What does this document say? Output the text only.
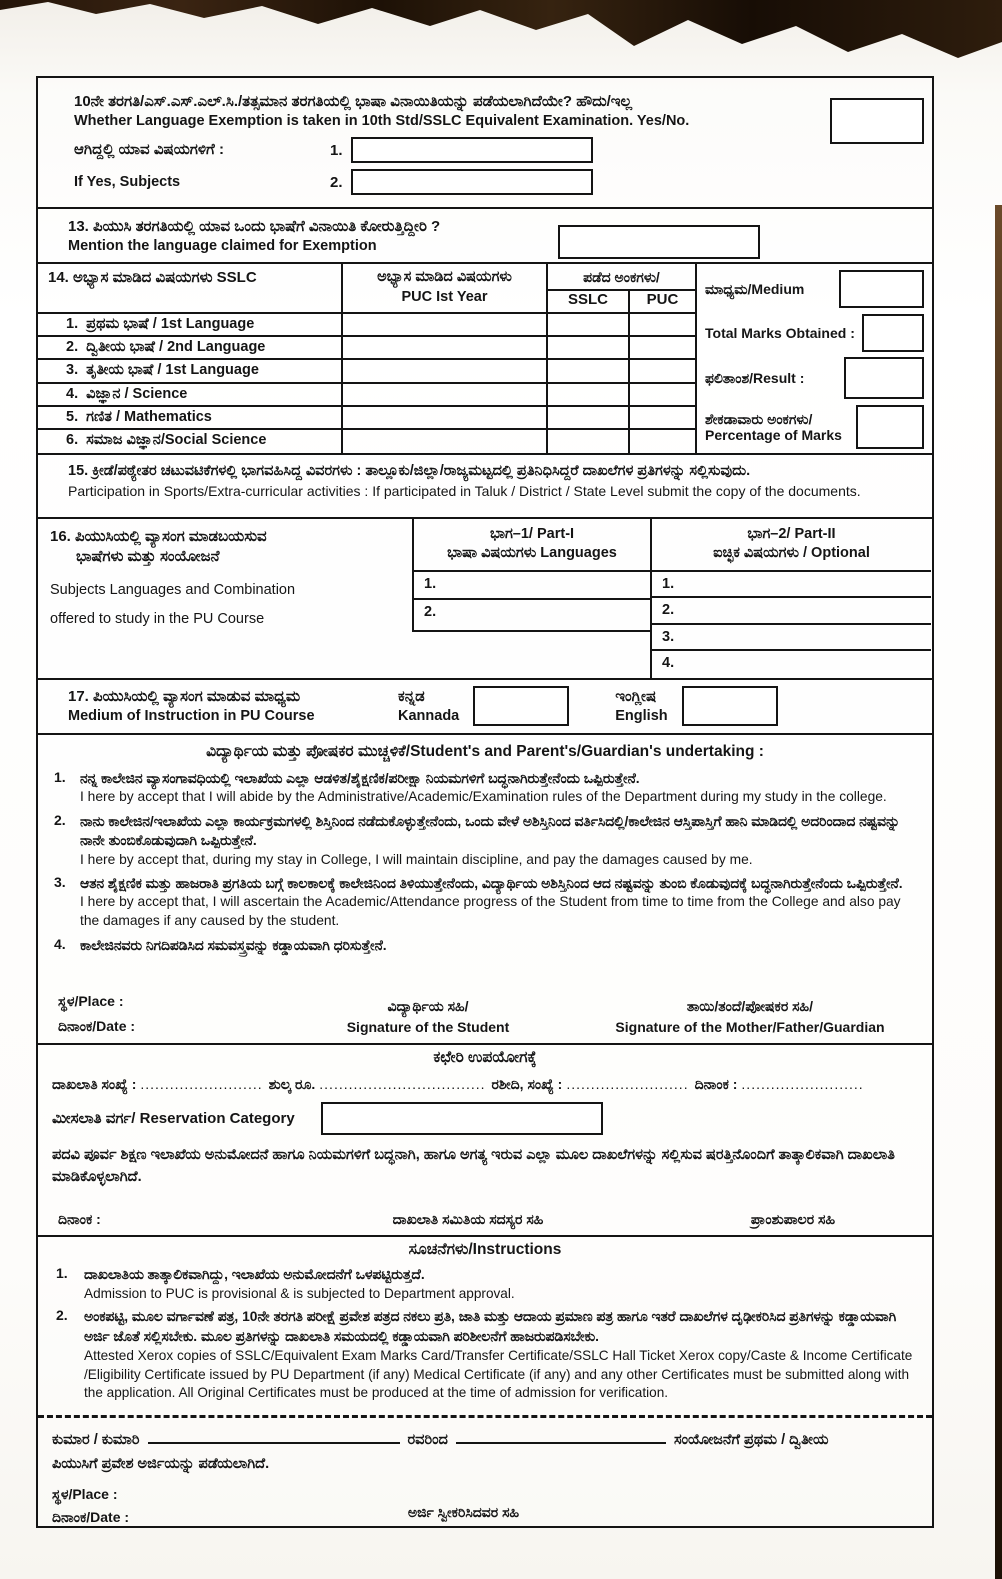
10ನೇ ತರಗತಿ/ಎಸ್.ಎಸ್.ಎಲ್.ಸಿ./ತತ್ಸಮಾನ ತರಗತಿಯಲ್ಲಿ ಭಾಷಾ ವಿನಾಯಿತಿಯನ್ನು ಪಡೆಯಲಾಗಿದೆಯೇ? ಹೌದು/ಇಲ್ಲ
Whether Language Exemption is taken in 10th Std/SSLC Equivalent Examination. Yes/No.
ಆಗಿದ್ದಲ್ಲಿ ಯಾವ ವಿಷಯಗಳಿಗೆ :	1.
If Yes, Subjects	2.
13. ಪಿಯುಸಿ ತರಗತಿಯಲ್ಲಿ ಯಾವ ಒಂದು ಭಾಷೆಗೆ ವಿನಾಯಿತಿ ಕೋರುತ್ತಿದ್ದೀರಿ ?
Mention the language claimed for Exemption
14. ಅಭ್ಯಾಸ ಮಾಡಿದ ವಿಷಯಗಳು SSLC	ಅಭ್ಯಾಸ ಮಾಡಿದ ವಿಷಯಗಳು
PUC Ist Year
ಪಡೆದ ಅಂಕಗಳು/
SSLC	PUC
ಮಾಧ್ಯಮ/Medium
Total Marks Obtained :
ಫಲಿತಾಂಶ/Result :
ಶೇಕಡಾವಾರು ಅಂಕಗಳು/
Percentage of Marks
1. ಪ್ರಥಮ ಭಾಷೆ / 1st Language
2. ದ್ವಿತೀಯ ಭಾಷೆ / 2nd Language
3. ತೃತೀಯ ಭಾಷೆ / 1st Language
4. ವಿಜ್ಞಾನ / Science
5. ಗಣಿತ / Mathematics
6. ಸಮಾಜ ವಿಜ್ಞಾನ/Social Science
15. ಕ್ರೀಡೆ/ಪಠ್ಯೇತರ ಚಟುವಟಿಕೆಗಳಲ್ಲಿ ಭಾಗವಹಿಸಿದ್ದ ವಿವರಗಳು : ತಾಲ್ಲೂಕು/ಜಿಲ್ಲಾ/ರಾಜ್ಯಮಟ್ಟದಲ್ಲಿ ಪ್ರತಿನಿಧಿಸಿದ್ದರೆ ದಾಖಲೆಗಳ ಪ್ರತಿಗಳನ್ನು ಸಲ್ಲಿಸುವುದು.
Participation in Sports/Extra-curricular activities : If participated in Taluk / District / State Level submit the copy of the documents.
16. ಪಿಯುಸಿಯಲ್ಲಿ ವ್ಯಾಸಂಗ ಮಾಡಬಯಸುವ
ಭಾಷೆಗಳು ಮತ್ತು ಸಂಯೋಜನೆ
Subjects Languages and Combination
offered to study in the PU Course
ಭಾಗ–1/ Part-I
ಭಾಷಾ ವಿಷಯಗಳು Languages
1.
2.
ಭಾಗ–2/ Part-II
ಐಚ್ಛಿಕ ವಿಷಯಗಳು / Optional
1.
2.
3.
4.
17. ಪಿಯುಸಿಯಲ್ಲಿ ವ್ಯಾಸಂಗ ಮಾಡುವ ಮಾಧ್ಯಮ
Medium of Instruction in PU Course
ಕನ್ನಡ
Kannada
ಇಂಗ್ಲೀಷ
English
ವಿದ್ಯಾರ್ಥಿಯ ಮತ್ತು ಪೋಷಕರ ಮುಚ್ಚಳಿಕೆ/Student's and Parent's/Guardian's undertaking :
1.	ನನ್ನ ಕಾಲೇಜಿನ ವ್ಯಾಸಂಗಾವಧಿಯಲ್ಲಿ ಇಲಾಖೆಯ ಎಲ್ಲಾ ಆಡಳಿತ/ಶೈಕ್ಷಣಿಕ/ಪರೀಕ್ಷಾ ನಿಯಮಗಳಿಗೆ ಬದ್ಧನಾಗಿರುತ್ತೇನೆಂದು ಒಪ್ಪಿರುತ್ತೇನೆ.
I here by accept that I will abide by the Administrative/Academic/Examination rules of the Department during my study in the college.
2.	ನಾನು ಕಾಲೇಜಿನ/ಇಲಾಖೆಯ ಎಲ್ಲಾ ಕಾರ್ಯಕ್ರಮಗಳಲ್ಲಿ ಶಿಸ್ತಿನಿಂದ ನಡೆದುಕೊಳ್ಳುತ್ತೇನೆಂದು, ಒಂದು ವೇಳೆ ಅಶಿಸ್ತಿನಿಂದ ವರ್ತಿಸಿದಲ್ಲಿ/ಕಾಲೇಜಿನ ಆಸ್ತಿಪಾಸ್ತಿಗೆ ಹಾನಿ ಮಾಡಿದಲ್ಲಿ ಅದರಿಂದಾದ ನಷ್ಟವನ್ನು ನಾನೇ ತುಂಬಿಕೊಡುವುದಾಗಿ ಒಪ್ಪಿರುತ್ತೇನೆ.
I here by accept that, during my stay in College, I will maintain discipline, and pay the damages caused by me.
3.	ಆತನ ಶೈಕ್ಷಣಿಕ ಮತ್ತು ಹಾಜರಾತಿ ಪ್ರಗತಿಯ ಬಗ್ಗೆ ಕಾಲಕಾಲಕ್ಕೆ ಕಾಲೇಜಿನಿಂದ ತಿಳಿಯುತ್ತೇನೆಂದು, ವಿದ್ಯಾರ್ಥಿಯ ಅಶಿಸ್ತಿನಿಂದ ಆದ ನಷ್ಟವನ್ನು ತುಂಬಿ ಕೊಡುವುದಕ್ಕೆ ಬದ್ಧನಾಗಿರುತ್ತೇನೆಂದು ಒಪ್ಪಿರುತ್ತೇನೆ.
I here by accept that, I will ascertain the Academic/Attendance progress of the Student from time to time from the College and also pay the damages if any caused by the student.
4.	ಕಾಲೇಜಿನವರು ನಿಗದಿಪಡಿಸಿದ ಸಮವಸ್ತ್ರವನ್ನು ಕಡ್ಡಾಯವಾಗಿ ಧರಿಸುತ್ತೇನೆ.
ಸ್ಥಳ/Place :
ದಿನಾಂಕ/Date :
ವಿದ್ಯಾರ್ಥಿಯ ಸಹಿ/
Signature of the Student
ತಾಯಿ/ತಂದೆ/ಪೋಷಕರ ಸಹಿ/
Signature of the Mother/Father/Guardian
ಕಛೇರಿ ಉಪಯೋಗಕ್ಕೆ
ದಾಖಲಾತಿ ಸಂಖ್ಯೆ : ......................... ಶುಲ್ಕ ರೂ. .................................. ರಶೀದಿ, ಸಂಖ್ಯೆ : ......................... ದಿನಾಂಕ : .........................
ಮೀಸಲಾತಿ ವರ್ಗ/ Reservation Category
ಪದವಿ ಪೂರ್ವ ಶಿಕ್ಷಣ ಇಲಾಖೆಯ ಅನುಮೋದನೆ ಹಾಗೂ ನಿಯಮಗಳಿಗೆ ಬದ್ಧನಾಗಿ, ಹಾಗೂ ಅಗತ್ಯ ಇರುವ ಎಲ್ಲಾ ಮೂಲ ದಾಖಲೆಗಳನ್ನು ಸಲ್ಲಿಸುವ ಷರತ್ತಿನೊಂದಿಗೆ ತಾತ್ಕಾಲಿಕವಾಗಿ ದಾಖಲಾತಿ ಮಾಡಿಕೊಳ್ಳಲಾಗಿದೆ.
ದಿನಾಂಕ :	ದಾಖಲಾತಿ ಸಮಿತಿಯ ಸದಸ್ಯರ ಸಹಿ	ಪ್ರಾಂಶುಪಾಲರ ಸಹಿ
ಸೂಚನೆಗಳು/Instructions
1.	ದಾಖಲಾತಿಯ ತಾತ್ಕಾಲಿಕವಾಗಿದ್ದು, ಇಲಾಖೆಯ ಅನುಮೋದನೆಗೆ ಒಳಪಟ್ಟಿರುತ್ತದೆ.
Admission to PUC is provisional & is subjected to Department approval.
2.	ಅಂಕಪಟ್ಟಿ, ಮೂಲ ವರ್ಗಾವಣೆ ಪತ್ರ, 10ನೇ ತರಗತಿ ಪರೀಕ್ಷೆ ಪ್ರವೇಶ ಪತ್ರದ ನಕಲು ಪ್ರತಿ, ಜಾತಿ ಮತ್ತು ಆದಾಯ ಪ್ರಮಾಣ ಪತ್ರ ಹಾಗೂ ಇತರೆ ದಾಖಲೆಗಳ ದೃಢೀಕರಿಸಿದ ಪ್ರತಿಗಳನ್ನು ಕಡ್ಡಾಯವಾಗಿ ಅರ್ಜಿ ಜೊತೆ ಸಲ್ಲಿಸಬೇಕು. ಮೂಲ ಪ್ರತಿಗಳನ್ನು ದಾಖಲಾತಿ ಸಮಯದಲ್ಲಿ ಕಡ್ಡಾಯವಾಗಿ ಪರಿಶೀಲನೆಗೆ ಹಾಜರುಪಡಿಸಬೇಕು.
Attested Xerox copies of SSLC/Equivalent Exam Marks Card/Transfer Certificate/SSLC Hall Ticket Xerox copy/Caste & Income Certificate /Eligibility Certificate issued by PU Department (if any) Medical Certificate (if any) and any other Certificates must be submitted along with the application. All Original Certificates must be produced at the time of admission for verification.
ಕುಮಾರ / ಕುಮಾರಿ	ರವರಿಂದ	ಸಂಯೋಜನೆಗೆ ಪ್ರಥಮ / ದ್ವಿತೀಯ
ಪಿಯುಸಿಗೆ ಪ್ರವೇಶ ಅರ್ಜಿಯನ್ನು ಪಡೆಯಲಾಗಿದೆ.
ಸ್ಥಳ/Place :
ದಿನಾಂಕ/Date :	ಅರ್ಜಿ ಸ್ವೀಕರಿಸಿದವರ ಸಹಿ
